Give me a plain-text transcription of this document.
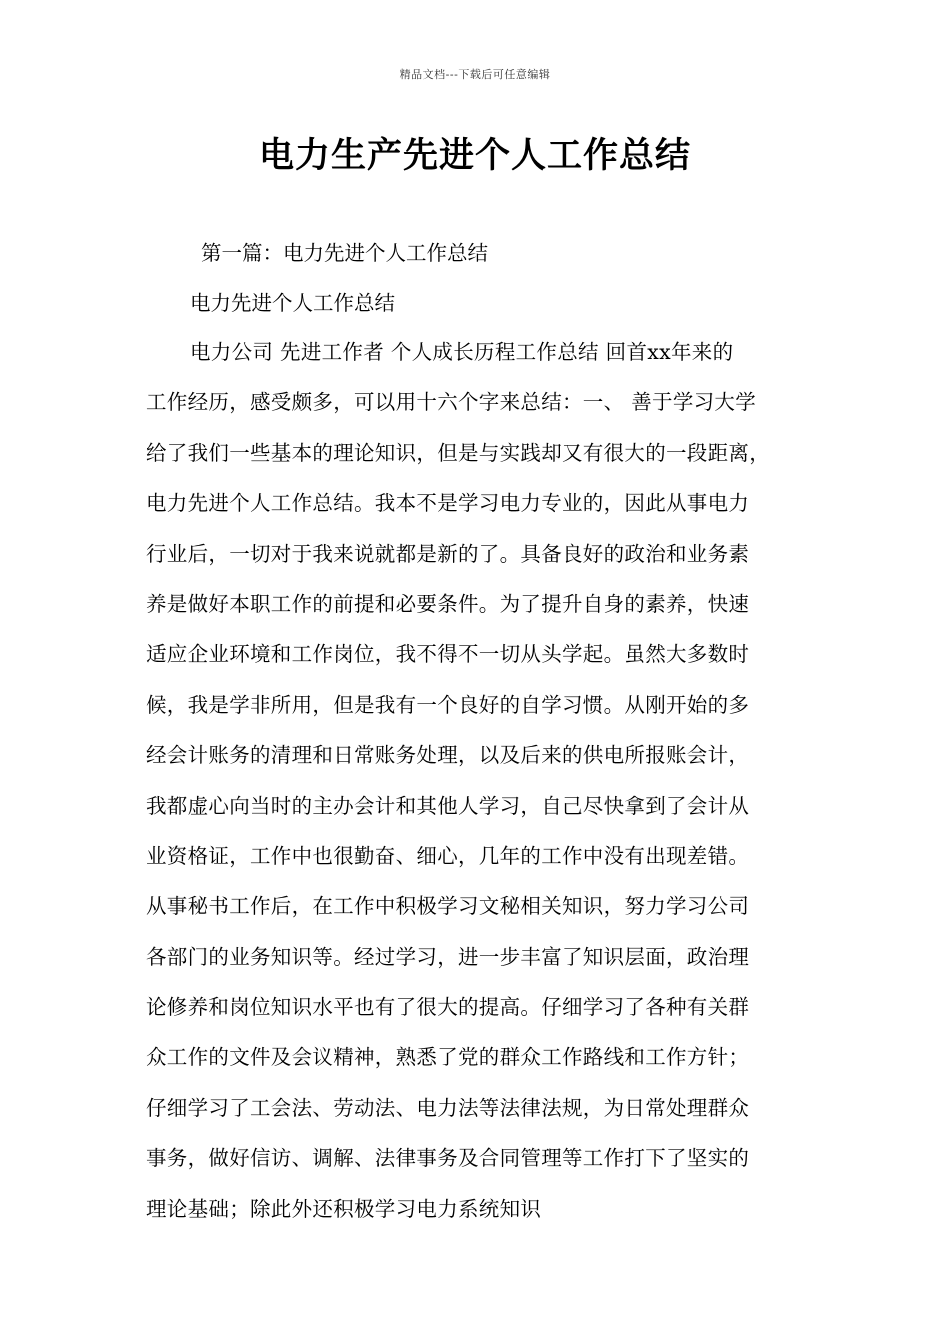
精品文档---下载后可任意编辑
电力生产先进个人工作总结
第一篇：电力先进个人工作总结
电力先进个人工作总结
电力公司 先进工作者 个人成长历程工作总结 回首xx年来的
工作经历，感受颇多，可以用十六个字来总结：一、 善于学习大学
给了我们一些基本的理论知识，但是与实践却又有很大的一段距离，
电力先进个人工作总结。我本不是学习电力专业的，因此从事电力
行业后，一切对于我来说就都是新的了。具备良好的政治和业务素
养是做好本职工作的前提和必要条件。为了提升自身的素养，快速
适应企业环境和工作岗位，我不得不一切从头学起。虽然大多数时
候，我是学非所用，但是我有一个良好的自学习惯。从刚开始的多
经会计账务的清理和日常账务处理，以及后来的供电所报账会计，
我都虚心向当时的主办会计和其他人学习，自己尽快拿到了会计从
业资格证，工作中也很勤奋、细心，几年的工作中没有出现差错。
从事秘书工作后，在工作中积极学习文秘相关知识，努力学习公司
各部门的业务知识等。经过学习，进一步丰富了知识层面，政治理
论修养和岗位知识水平也有了很大的提高。仔细学习了各种有关群
众工作的文件及会议精神，熟悉了党的群众工作路线和工作方针；
仔细学习了工会法、劳动法、电力法等法律法规，为日常处理群众
事务，做好信访、调解、法律事务及合同管理等工作打下了坚实的
理论基础；除此外还积极学习电力系统知识
